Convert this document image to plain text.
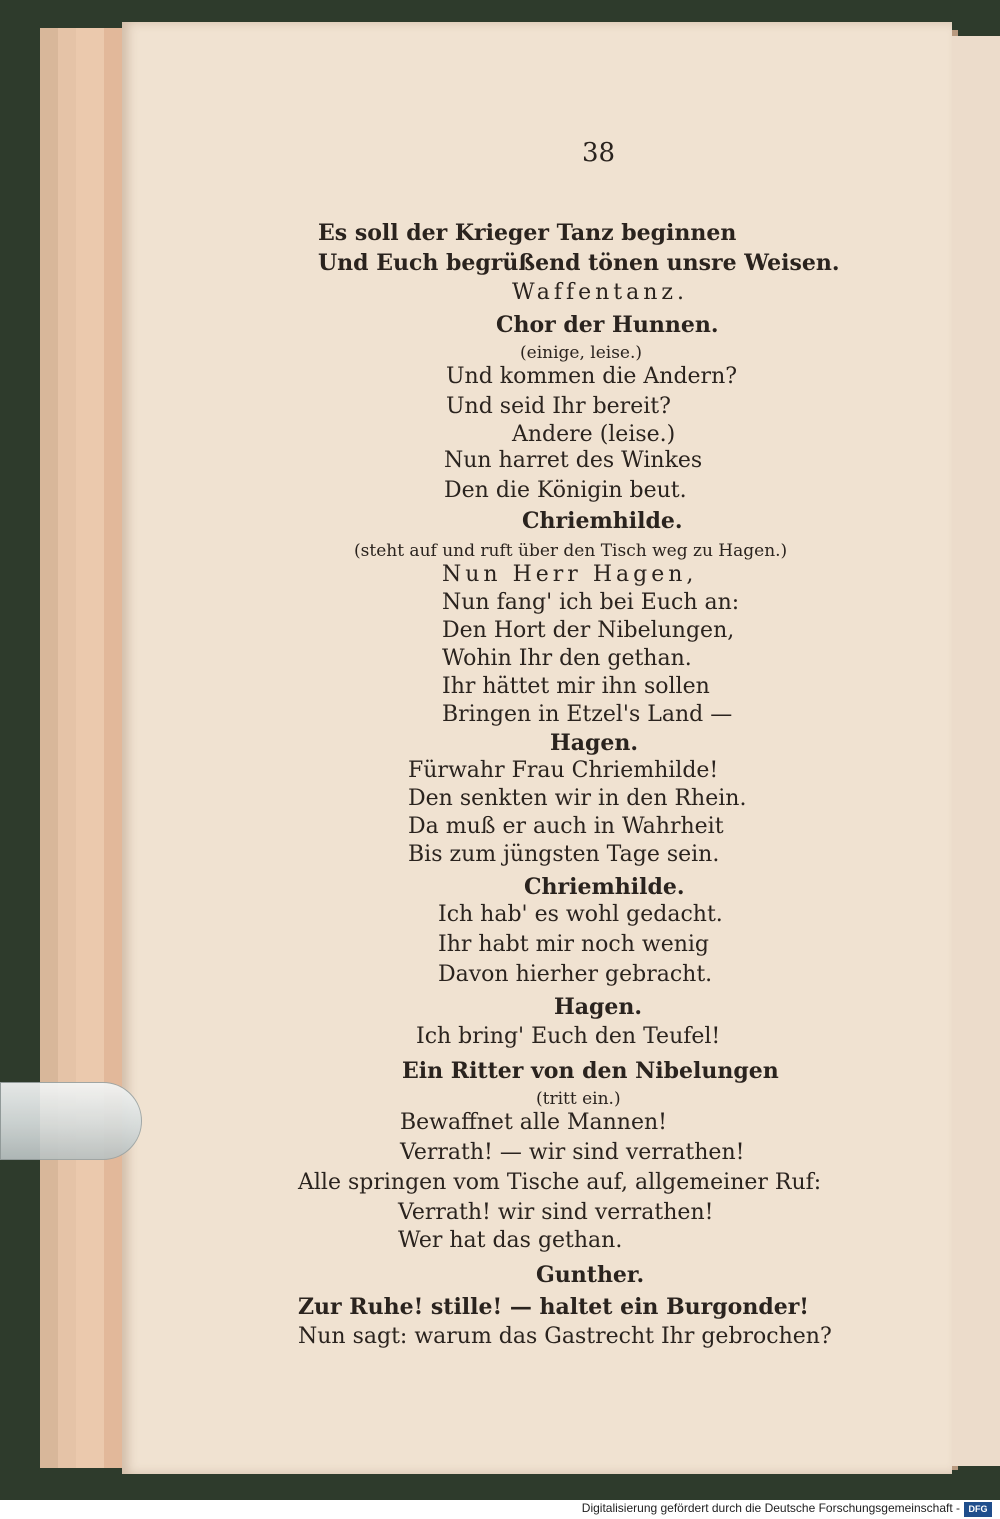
38

Es soll der Krieger Tanz beginnen

Und Euch begrüßend tönen unsre Weisen.

Waffentanz.

Chor der Hunnen.

(einige, leise.)

Und kommen die Andern?

Und seid Ihr bereit?

Andere (leise.)

Nun harret des Winkes

Den die Königin beut.

Chriemhilde.

(steht auf und ruft über den Tisch weg zu Hagen.)

Nun Herr Hagen,

Nun fang' ich bei Euch an:

Den Hort der Nibelungen,

Wohin Ihr den gethan.

Ihr hättet mir ihn sollen

Bringen in Etzel's Land —

Hagen.

Fürwahr Frau Chriemhilde!

Den senkten wir in den Rhein.

Da muß er auch in Wahrheit

Bis zum jüngsten Tage sein.

Chriemhilde.

Ich hab' es wohl gedacht.

Ihr habt mir noch wenig

Davon hierher gebracht.

Hagen.

Ich bring' Euch den Teufel!

Ein Ritter von den Nibelungen

(tritt ein.)

Bewaffnet alle Mannen!

Verrath! — wir sind verrathen!

Alle springen vom Tische auf, allgemeiner Ruf:

Verrath! wir sind verrathen!

Wer hat das gethan.

Gunther.

Zur Ruhe! stille! — haltet ein Burgonder!

Nun sagt: warum das Gastrecht Ihr gebrochen?

Digitalisierung gefördert durch die Deutsche Forschungsgemeinschaft - DFG
